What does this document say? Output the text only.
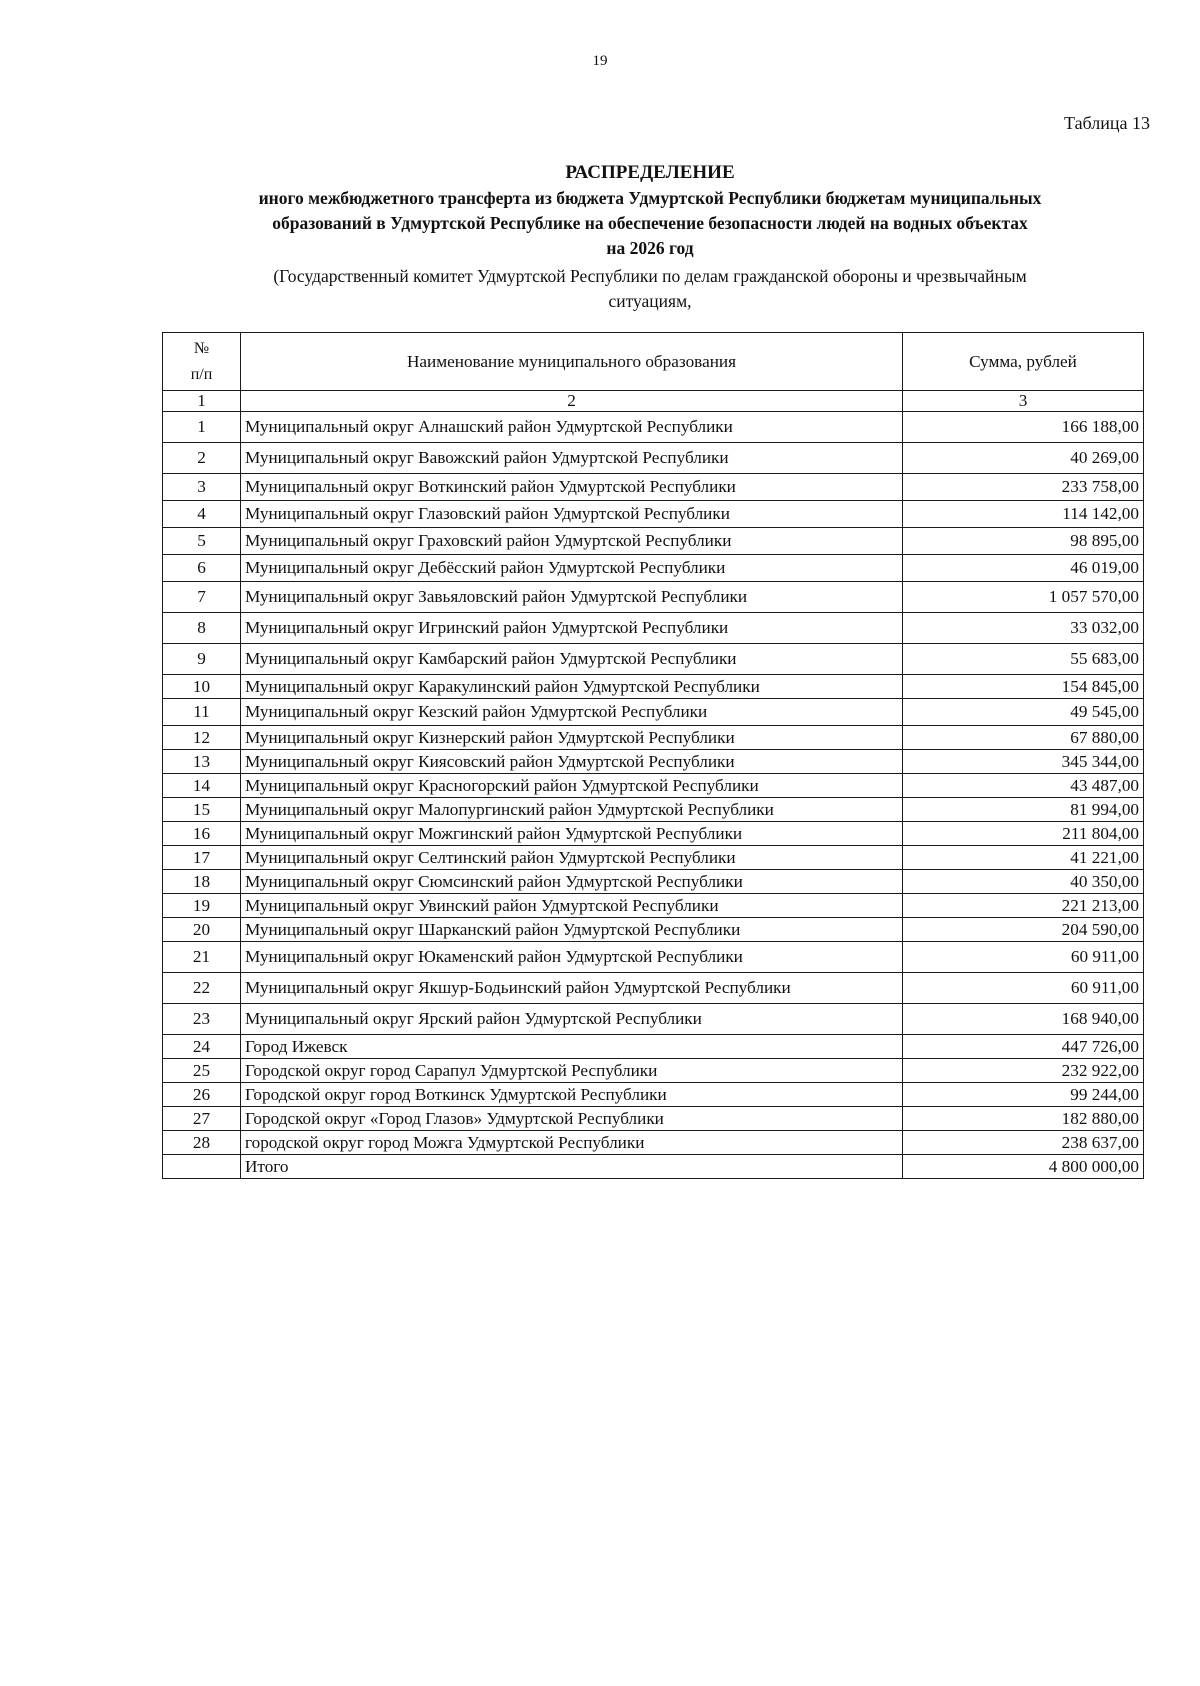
19
Таблица 13
РАСПРЕДЕЛЕНИЕ
иного межбюджетного трансферта из бюджета Удмуртской Республики бюджетам муниципальных
образований в Удмуртской Республике на обеспечение безопасности людей на водных объектах
на 2026 год
(Государственный комитет Удмуртской Республики по делам гражданской обороны и чрезвычайным
ситуациям,
№
п/п	Наименование муниципального образования	Сумма, рублей
1	2	3
1	Муниципальный округ Алнашский район Удмуртской Республики	166 188,00
2	Муниципальный округ Вавожский район Удмуртской Республики	40 269,00
3	Муниципальный округ Воткинский район Удмуртской Республики	233 758,00
4	Муниципальный округ Глазовский район Удмуртской Республики	114 142,00
5	Муниципальный округ Граховский район Удмуртской Республики	98 895,00
6	Муниципальный округ Дебёсский район Удмуртской Республики	46 019,00
7	Муниципальный округ Завьяловский район Удмуртской Республики	1 057 570,00
8	Муниципальный округ Игринский район Удмуртской Республики	33 032,00
9	Муниципальный округ Камбарский район Удмуртской Республики	55 683,00
10	Муниципальный округ Каракулинский район Удмуртской Республики	154 845,00
11	Муниципальный округ Кезский район Удмуртской Республики	49 545,00
12	Муниципальный округ Кизнерский район Удмуртской Республики	67 880,00
13	Муниципальный округ Киясовский район Удмуртской Республики	345 344,00
14	Муниципальный округ Красногорский район Удмуртской Республики	43 487,00
15	Муниципальный округ Малопургинский район Удмуртской Республики	81 994,00
16	Муниципальный округ Можгинский район Удмуртской Республики	211 804,00
17	Муниципальный округ Селтинский район Удмуртской Республики	41 221,00
18	Муниципальный округ Сюмсинский район Удмуртской Республики	40 350,00
19	Муниципальный округ Увинский район Удмуртской Республики	221 213,00
20	Муниципальный округ Шарканский район Удмуртской Республики	204 590,00
21	Муниципальный округ Юкаменский район Удмуртской Республики	60 911,00
22	Муниципальный округ Якшур-Бодьинский район Удмуртской Республики	60 911,00
23	Муниципальный округ Ярский район Удмуртской Республики	168 940,00
24	Город Ижевск	447 726,00
25	Городской округ город Сарапул Удмуртской Республики	232 922,00
26	Городской округ город Воткинск Удмуртской Республики	99 244,00
27	Городской округ «Город Глазов» Удмуртской Республики	182 880,00
28	городской округ город Можга Удмуртской Республики	238 637,00
	Итого	4 800 000,00
